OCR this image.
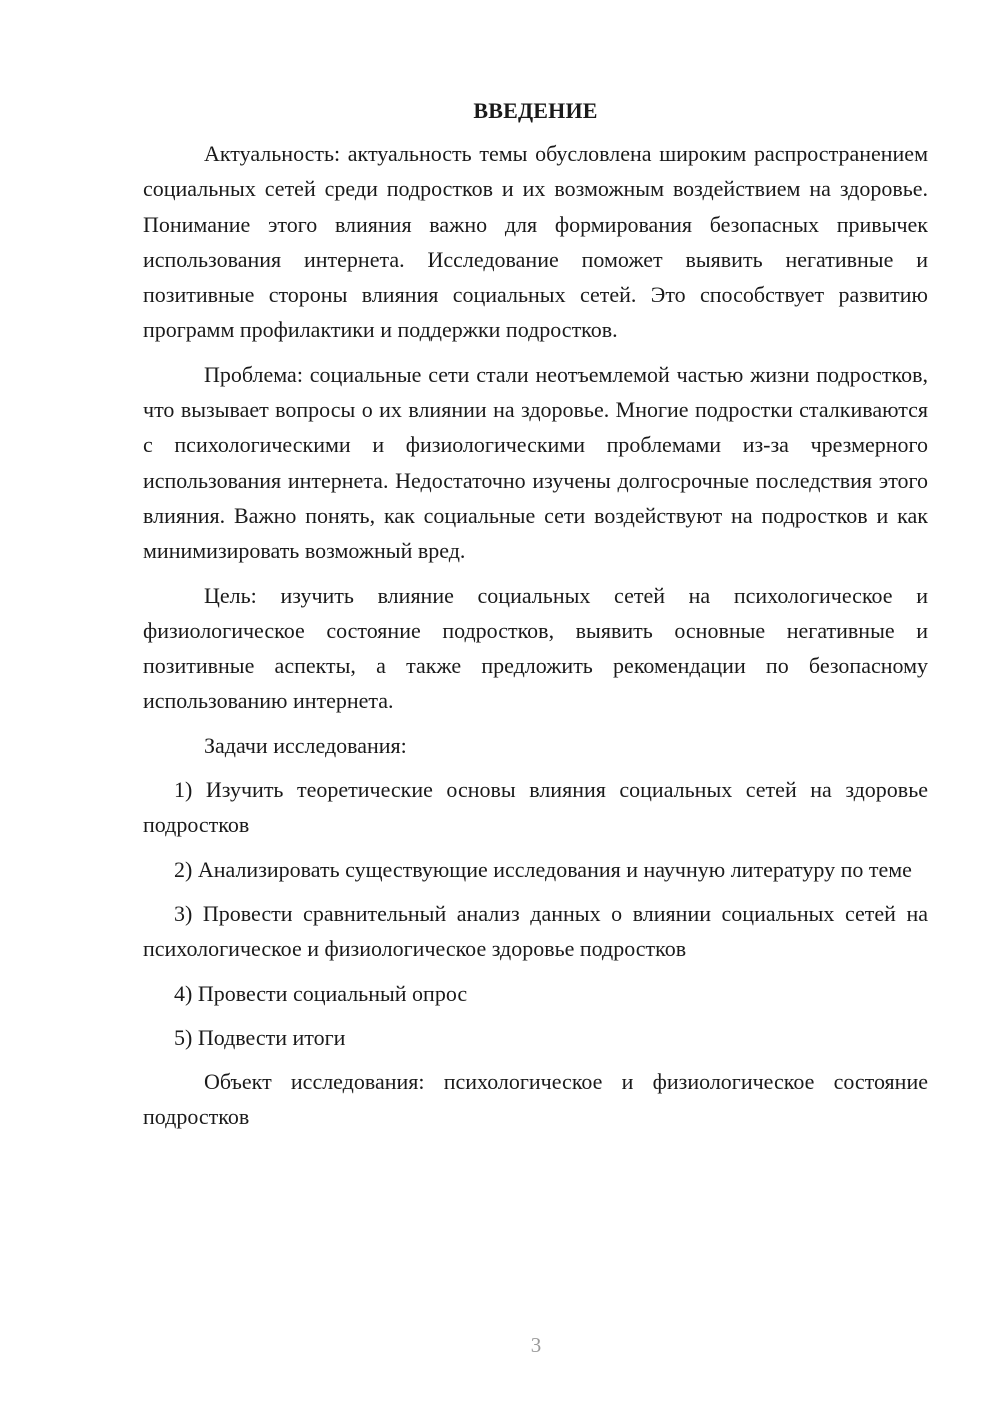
ВВЕДЕНИЕ

Актуальность: актуальность темы обусловлена широким распространением социальных сетей среди подростков и их возможным воздействием на здоровье. Понимание этого влияния важно для формирования безопасных привычек использования интернета. Исследование поможет выявить негативные и позитивные стороны влияния социальных сетей. Это способствует развитию программ профилактики и поддержки подростков.

Проблема: социальные сети стали неотъемлемой частью жизни подростков, что вызывает вопросы о их влиянии на здоровье. Многие подростки сталкиваются с психологическими и физиологическими проблемами из-за чрезмерного использования интернета. Недостаточно изучены долгосрочные последствия этого влияния. Важно понять, как социальные сети воздействуют на подростков и как минимизировать возможный вред.

Цель: изучить влияние социальных сетей на психологическое и физиологическое состояние подростков, выявить основные негативные и позитивные аспекты, а также предложить рекомендации по безопасному использованию интернета.

Задачи исследования:

1) Изучить теоретические основы влияния социальных сетей на здоровье подростков

2) Анализировать существующие исследования и научную литературу по теме

3) Провести сравнительный анализ данных о влиянии социальных сетей на психологическое и физиологическое здоровье подростков

4) Провести социальный опрос

5) Подвести итоги

Объект исследования: психологическое и физиологическое состояние подростков

3
